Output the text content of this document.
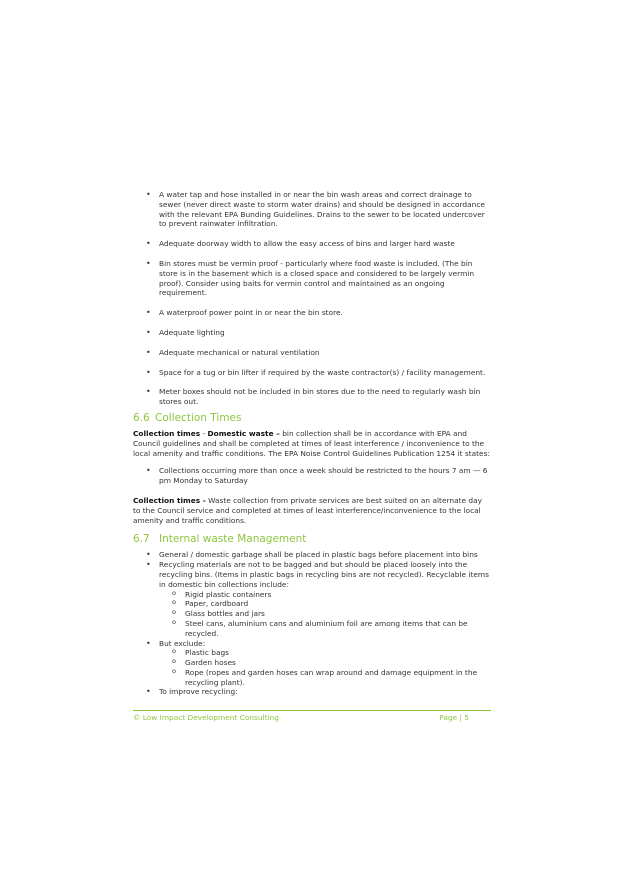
• A water tap and hose installed in or near the bin wash areas and correct drainage to sewer (never direct waste to storm water drains) and should be designed in accordance with the relevant EPA Bunding Guidelines. Drains to the sewer to be located undercover to prevent rainwater infiltration.
• Adequate doorway width to allow the easy access of bins and larger hard waste
• Bin stores must be vermin proof - particularly where food waste is included. (The bin store is in the basement which is a closed space and considered to be largely vermin proof). Consider using baits for vermin control and maintained as an ongoing requirement.
• A waterproof power point in or near the bin store.
• Adequate lighting
• Adequate mechanical or natural ventilation
• Space for a tug or bin lifter if required by the waste contractor(s) / facility management.
• Meter boxes should not be included in bin stores due to the need to regularly wash bin stores out.
6.6 Collection Times

Collection times - Domestic waste – bin collection shall be in accordance with EPA and Council guidelines and shall be completed at times of least interference / inconvenience to the local amenity and traffic conditions. The EPA Noise Control Guidelines Publication 1254 it states:

• Collections occurring more than once a week should be restricted to the hours 7 am — 6 pm Monday to Saturday

Collection times - Waste collection from private services are best suited on an alternate day to the Council service and completed at times of least interference/inconvenience to the local amenity and traffic conditions.

6.7 Internal waste Management
• General / domestic garbage shall be placed in plastic bags before placement into bins
• Recycling materials are not to be bagged and but should be placed loosely into the recycling bins. (Items in plastic bags in recycling bins are not recycled). Recyclable items in domestic bin collections include:
o Rigid plastic containers
o Paper, cardboard
o Glass bottles and jars
o Steel cans, aluminium cans and aluminium foil are among items that can be recycled.
• But exclude:
o Plastic bags
o Garden hoses
o Rope (ropes and garden hoses can wrap around and damage equipment in the recycling plant).
• To improve recycling:
© Low Impact Development Consulting	Page | 5
